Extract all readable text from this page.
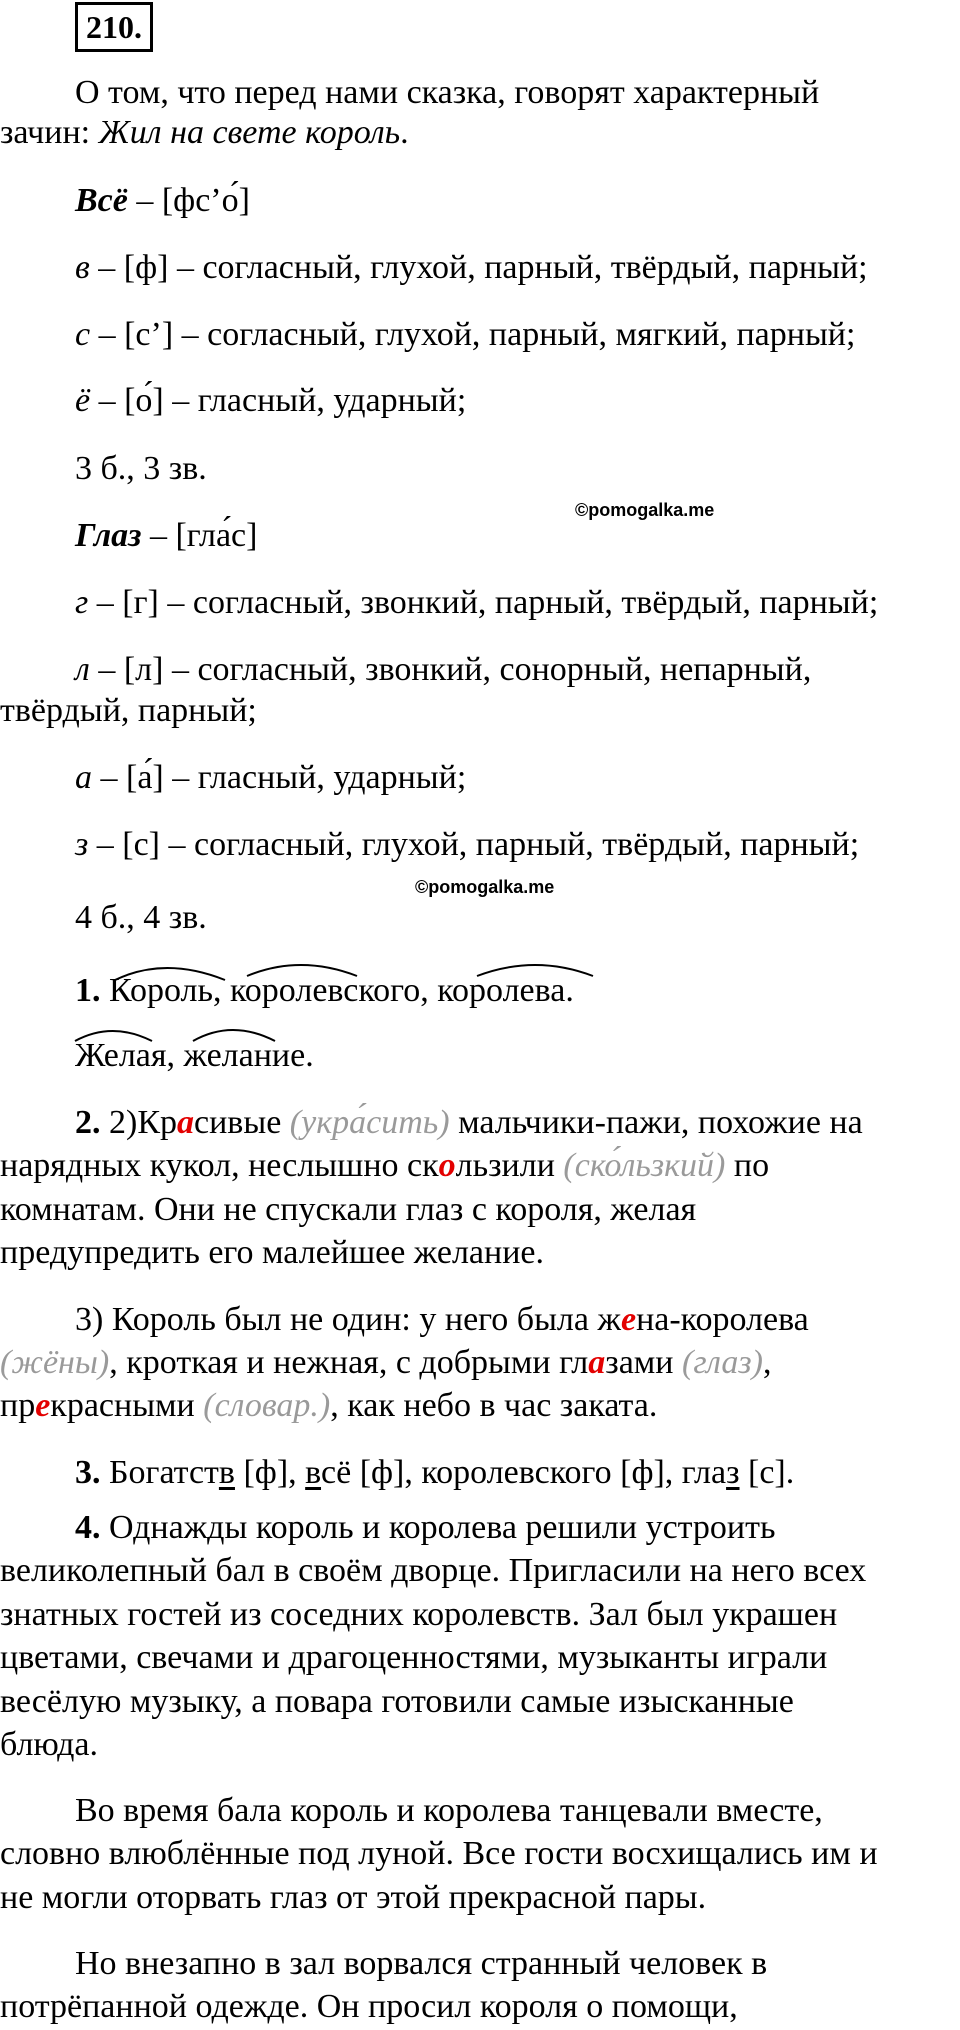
210.
О том, что перед нами сказка, говорят характерный
зачин: Жил на свете король.
Всё – [фс’о́]
в – [ф] – согласный, глухой, парный, твёрдый, парный;
с – [с’] – согласный, глухой, парный, мягкий, парный;
ё – [о́] – гласный, ударный;
3 б., 3 зв.
©pomogalka.me
Глаз – [гла́с]
г – [г] – согласный, звонкий, парный, твёрдый, парный;
л – [л] – согласный, звонкий, сонорный, непарный,
твёрдый, парный;
а – [а́] – гласный, ударный;
з – [с] – согласный, глухой, парный, твёрдый, парный;
©pomogalka.me
4 б., 4 зв.
1. Король, королевского, королева.
Желая, желание.
2. 2)Красивые (укра́сить) мальчики-пажи, похожие на
нарядных кукол, неслышно скользили (ско́льзкий) по
комнатам. Они не спускали глаз с короля, желая
предупредить его малейшее желание.
3) Король был не один: у него была жена-королева
(жёны), кроткая и нежная, с добрыми глазами (глаз),
прекрасными (словар.), как небо в час заката.
3. Богатств [ф], всё [ф], королевского [ф], глаз [с].
4. Однажды король и королева решили устроить
великолепный бал в своём дворце. Пригласили на него всех
знатных гостей из соседних королевств. Зал был украшен
цветами, свечами и драгоценностями, музыканты играли
весёлую музыку, а повара готовили самые изысканные
блюда.
Во время бала король и королева танцевали вместе,
словно влюблённые под луной. Все гости восхищались им и
не могли оторвать глаз от этой прекрасной пары.
Но внезапно в зал ворвался странный человек в
потрёпанной одежде. Он просил короля о помощи,
